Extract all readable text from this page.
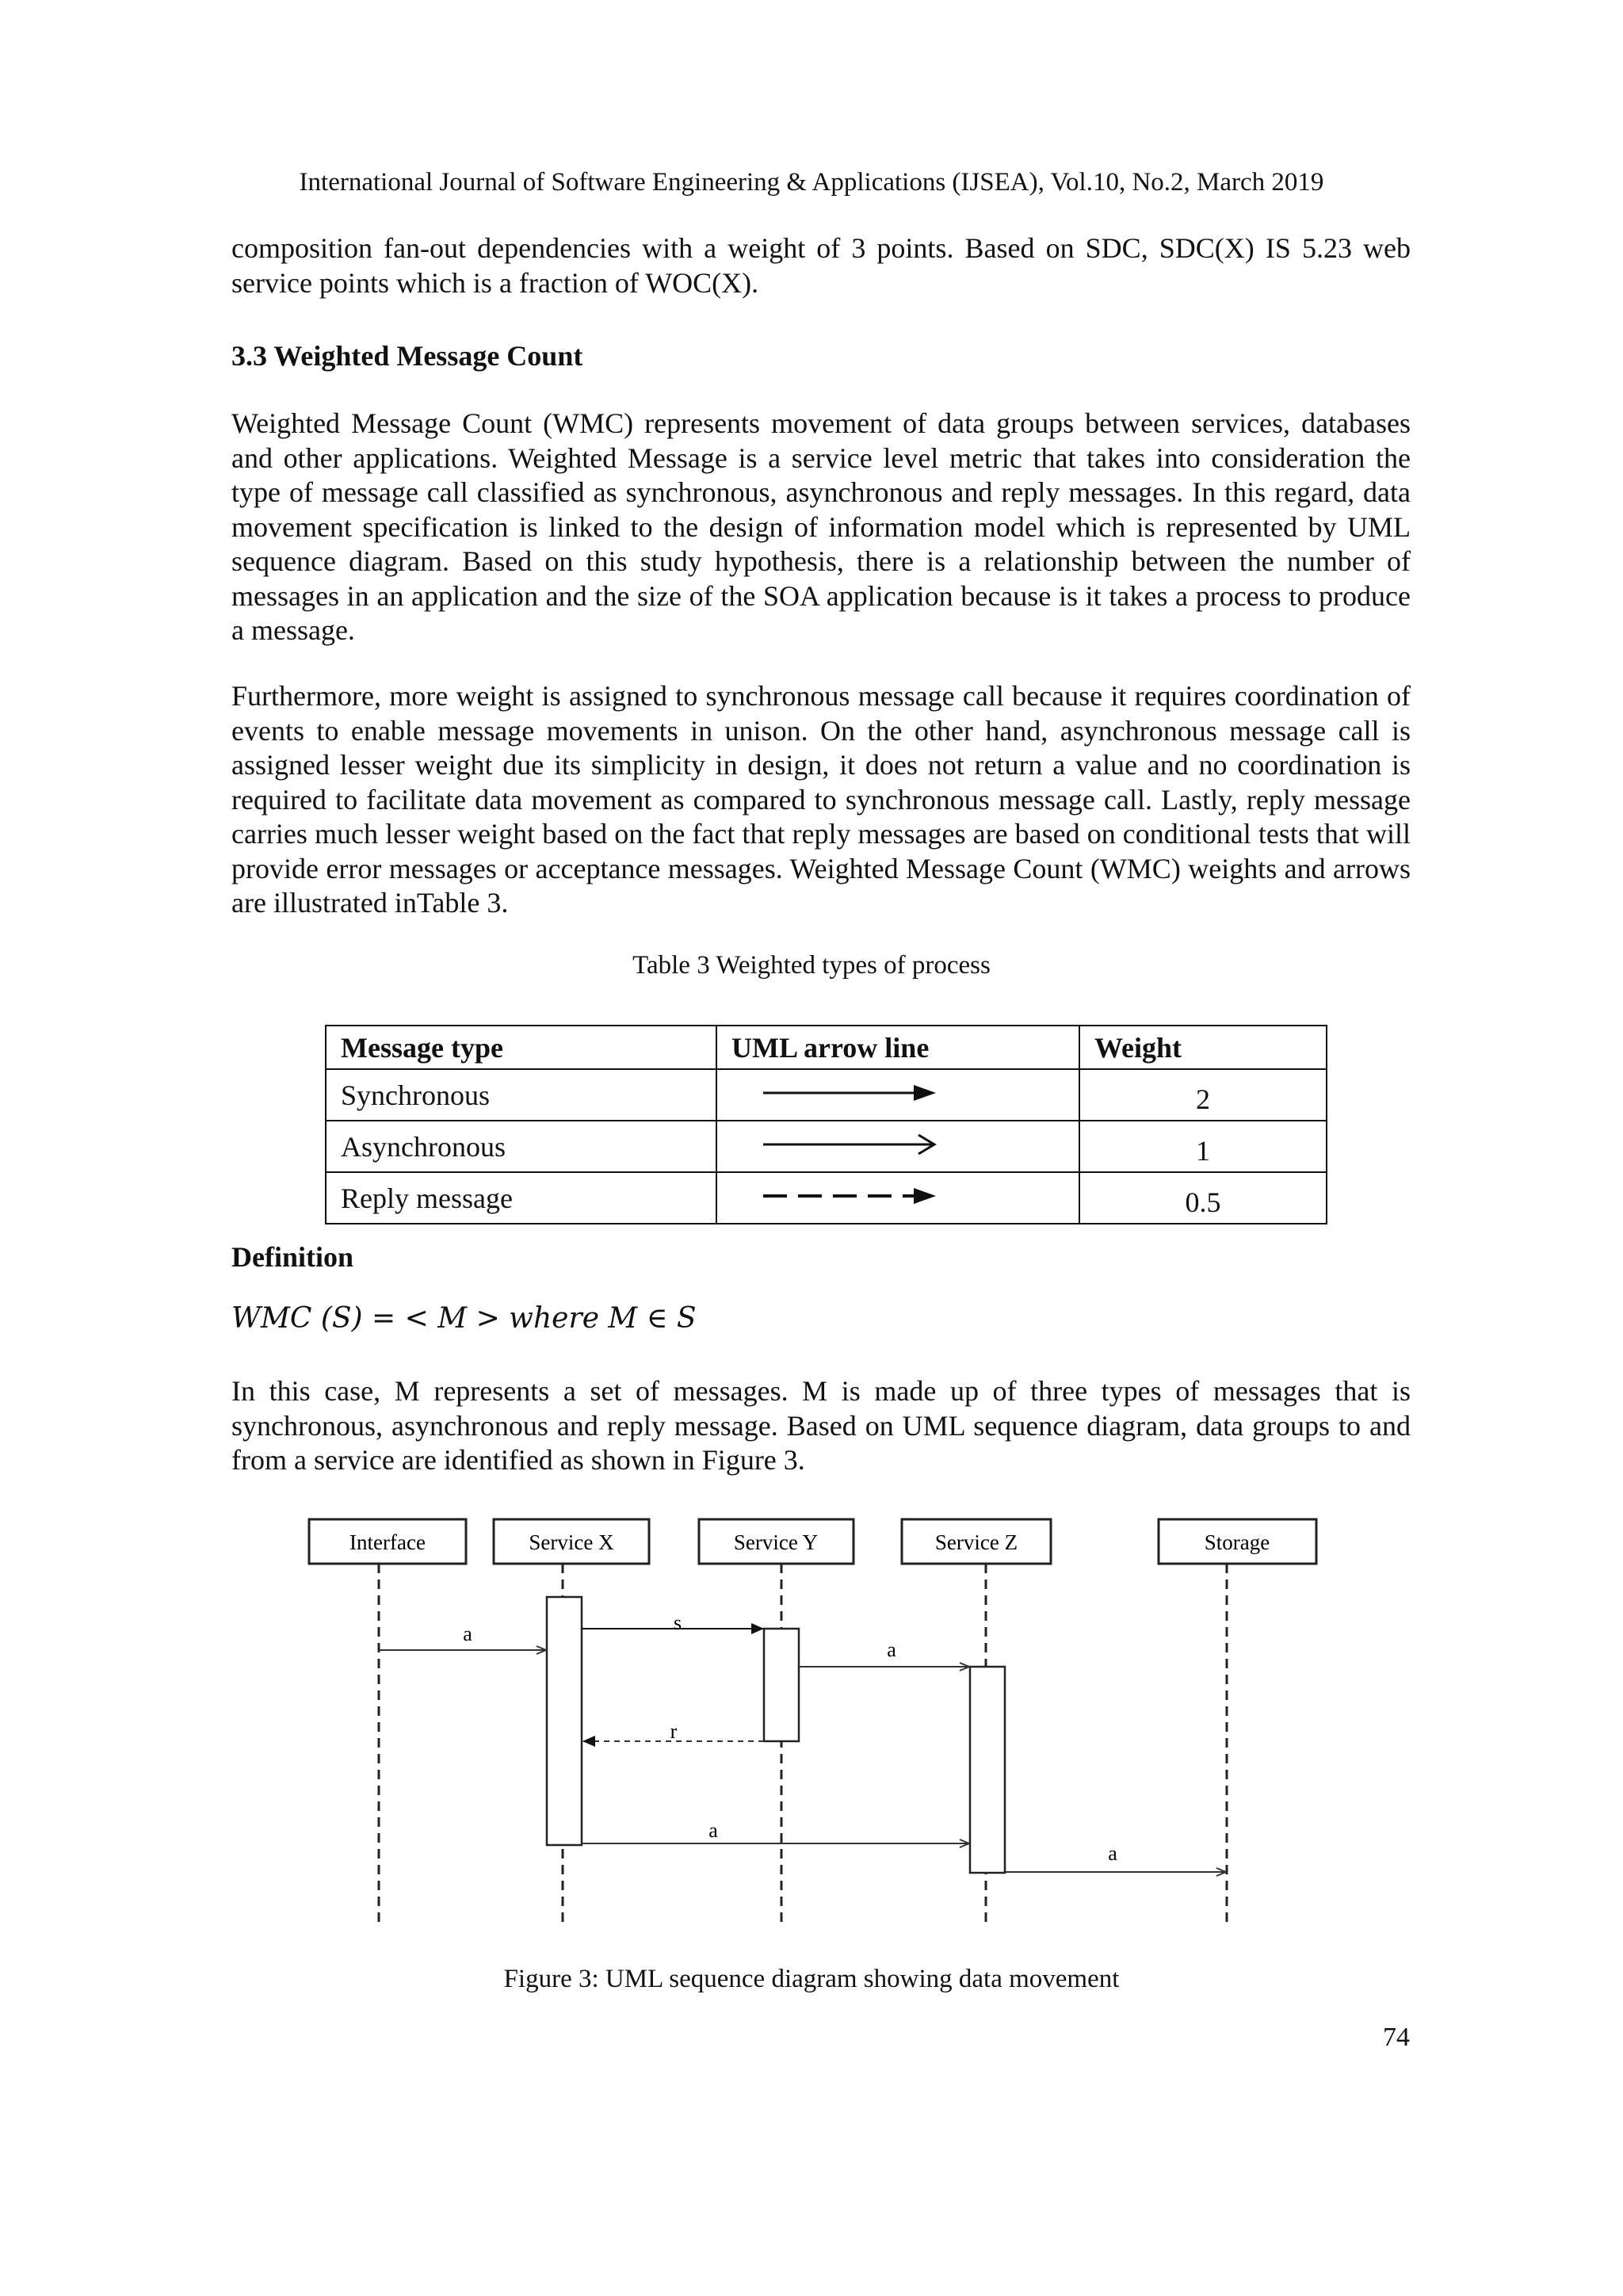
International Journal of Software Engineering & Applications (IJSEA), Vol.10, No.2, March 2019

composition fan-out dependencies with a weight of 3 points. Based on SDC, SDC(X) IS 5.23 web service points which is a fraction of WOC(X).

3.3 Weighted Message Count

Weighted Message Count (WMC) represents movement of data groups between services, databases and other applications. Weighted Message is a service level metric that takes into consideration the type of message call classified as synchronous, asynchronous and reply messages. In this regard, data movement specification is linked to the design of information model which is represented by UML sequence diagram. Based on this study hypothesis, there is a relationship between the number of messages in an application and the size of the SOA application because is it takes a process to produce a message.

Furthermore, more weight is assigned to synchronous message call because it requires coordination of events to enable message movements in unison. On the other hand, asynchronous message call is assigned lesser weight due its simplicity in design, it does not return a value and no coordination is required to facilitate data movement as compared to synchronous message call. Lastly, reply message carries much lesser weight based on the fact that reply messages are based on conditional tests that will provide error messages or acceptance messages. Weighted Message Count (WMC) weights and arrows are illustrated inTable 3.

Table 3 Weighted types of process
Message type	UML arrow line	Weight
Synchronous		2
Asynchronous		1
Reply message		0.5
Definition
WMC (S) = < M > where M ∈ S

In this case, M represents a set of messages. M is made up of three types of messages that is synchronous, asynchronous and reply message. Based on UML sequence diagram, data groups to and from a service are identified as shown in Figure 3.

Interface	Service X	Service Y	Service Z	Storage
a	s
a
r
a
a
Figure 3: UML sequence diagram showing data movement
74
